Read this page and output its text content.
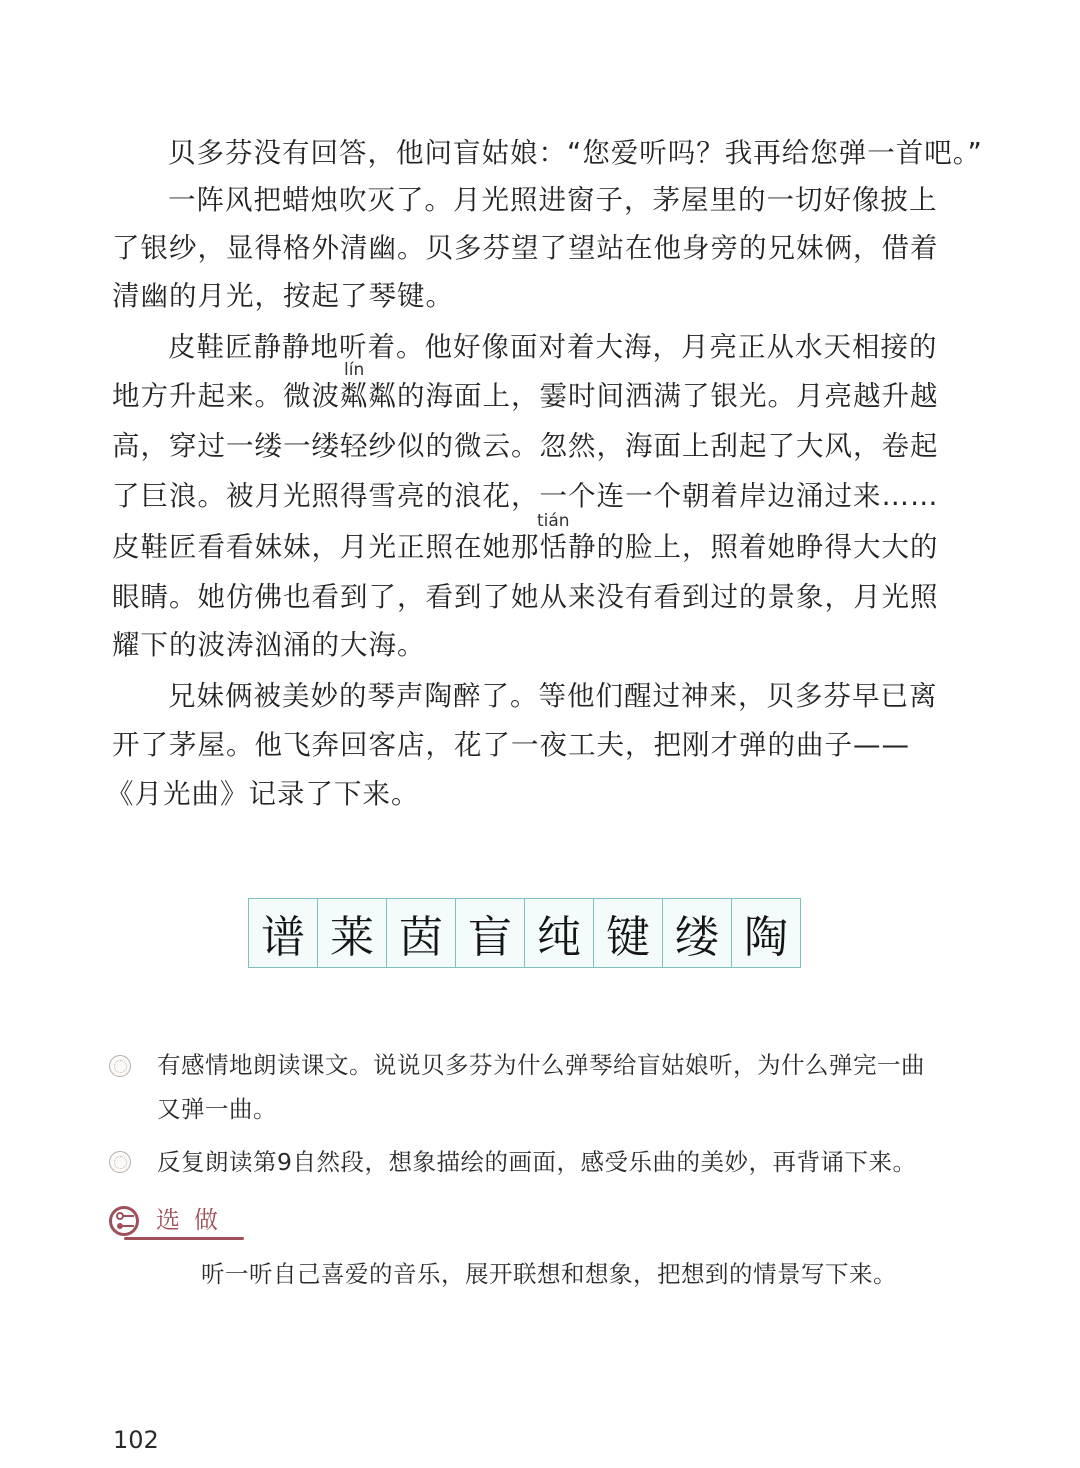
贝多芬没有回答，他问盲姑娘：“您爱听吗？我再给您弹一首吧。”
一阵风把蜡烛吹灭了。月光照进窗子，茅屋里的一切好像披上
了银纱，显得格外清幽。贝多芬望了望站在他身旁的兄妹俩，借着
清幽的月光，按起了琴键。
皮鞋匠静静地听着。他好像面对着大海，月亮正从水天相接的
lín
地方升起来。微波粼粼的海面上，霎时间洒满了银光。月亮越升越
高，穿过一缕一缕轻纱似的微云。忽然，海面上刮起了大风，卷起
了巨浪。被月光照得雪亮的浪花，一个连一个朝着岸边涌过来……
tián
皮鞋匠看看妹妹，月光正照在她那恬静的脸上，照着她睁得大大的
眼睛。她仿佛也看到了，看到了她从来没有看到过的景象，月光照
耀下的波涛汹涌的大海。
兄妹俩被美妙的琴声陶醉了。等他们醒过神来，贝多芬早已离
开了茅屋。他飞奔回客店，花了一夜工夫，把刚才弹的曲子——
《月光曲》记录了下来。
谱 莱 茵 盲 纯 键 缕 陶
有感情地朗读课文。说说贝多芬为什么弹琴给盲姑娘听，为什么弹完一曲
又弹一曲。
反复朗读第9自然段，想象描绘的画面，感受乐曲的美妙，再背诵下来。
选做
听一听自己喜爱的音乐，展开联想和想象，把想到的情景写下来。
102
